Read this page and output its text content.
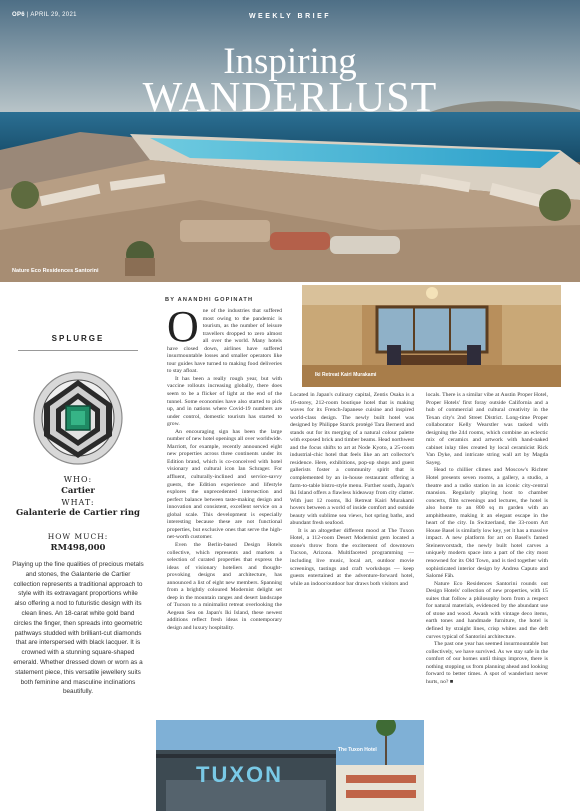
OP6 | APRIL 29, 2021	WEEKLY BRIEF
Inspiring
WANDERLUST
Nature Eco Residences Santorini
SPLURGE
WHO:
Cartier
WHAT:
Galanterie de Cartier ring
HOW MUCH:
RM498,000
Playing up the fine qualities of precious metals and stones, the Galanterie de Cartier collection represents a traditional approach to style with its extravagant proportions while also offering a nod to futuristic design with its clean lines. An 18-carat white gold band circles the finger, then spreads into geometric pathways studded with brilliant-cut diamonds that are interspersed with black lacquer. It is crowned with a stunning square-shaped emerald. Whether dressed down or worn as a statement piece, this versatile jewellery suits both feminine and masculine inclinations beautifully.
BY ANANDHI GOPINATH
O ne of the industries that suffered most owing to the pandemic is tourism, as the number of leisure travellers dropped to zero almost all over the world. Many hotels have closed down, airlines have suffered insurmountable losses and smaller operators like tour guides have turned to making food deliveries to stay afloat.

It has been a really rough year, but with vaccine rollouts increasing globally, there does seem to be a flicker of light at the end of the tunnel. Some economies have also started to pick up, and in nations where Covid-19 numbers are under control, domestic tourism has started to grow.

An encouraging sign has been the large number of new hotel openings all over worldwide. Marriott, for example, recently announced eight new properties across three continents under its Edition brand, which is co-conceived with hotel visionary and cultural icon Ian Schrager. For affluent, culturally-inclined and service-savvy guests, the Edition experience and lifestyle explores the unprecedented intersection and perfect balance between taste-making design and innovation and consistent, excellent service on a global scale. This development is especially interesting because these are not functional properties, but exclusive ones that serve the high-net-worth customer.

Even the Berlin-based Design Hotels collective, which represents and markets a selection of curated properties that express the ideas of visionary hoteliers and thought-provoking designs and architecture, has announced a list of eight new members. Spanning from a brightly coloured Modernist delight set deep in the mountain ranges and desert landscape of Tucson to a minimalist retreat overlooking the Aegean Sea on Japan's Iki Island, these newest additions reflect fresh ideas in contemporary design and luxury hospitality.

Iki Retreat Kairi Murakami

Located in Japan's culinary capital, Zentis Osaka is a 16-storey, 212-room boutique hotel that is making waves for its French-Japanese cuisine and inspired world-class design. The newly built hotel was designed by Philippe Starck protégé Tara Bernerd and stands out for its merging of a natural colour palette with exposed brick and timber beams. Head northwest and the focus shifts to art at Node Kyoto, a 25-room industrial-chic hotel that feels like an art collector's residence. Here, exhibitions, pop-up shops and guest gallerists foster a community spirit that is complemented by an in-house restaurant offering a farm-to-table bistro-style menu. Further south, Japan's Iki Island offers a flawless hideaway from city clatter. With just 12 rooms, Iki Retreat Kairi Murakami hovers between a world of inside comfort and outside beauty with sublime sea views, hot spring baths, and abundant fresh seafood.

It is an altogether different mood at The Tuxon Hotel, a 112-room Desert Modernist gem located a stone's throw from the excitement of downtown Tucson, Arizona. Multifaceted programming — including live music, local art, outdoor movie screenings, tastings and craft workshops — keep guests entertained at the adventure-forward hotel, while an indoor/outdoor bar draws both visitors and

locals. There is a similar vibe at Austin Proper Hotel, Proper Hotels' first foray outside California and a hub of commercial and cultural creativity in the Texan city's 2nd Street District. Long-time Proper collaborator Kelly Wearstler was tasked with designing the 244 rooms, which combine an eclectic mix of ceramics and artwork with hand-naked cabinet inlay tiles created by local ceramicist Rick Van Dyke, and intricate string wall art by Magda Sayeg.

Head to chillier climes and Moscow's Richter Hotel presents seven rooms, a gallery, a studio, a theatre and a radio station in an iconic city-central mansion. Regularly playing host to chamber concerts, film screenings and lectures, the hotel is also home to an 800 sq m garden with an amphitheatre, making it an elegant escape in the heart of the city. In Switzerland, the 33-room Art House Basel is similarly low key, yet it has a massive impact. A new platform for art on Basel's famed Steinenvorstadt, the newly built hotel carves a uniquely modern space into a part of the city most renowned for its Old Town, and is tied together with sophisticated interior design by Andrea Caputo and Salomé Fäh.

Nature Eco Residences Santorini rounds out Design Hotels' collection of new properties, with 15 suites that follow a philosophy born from a respect for natural materials, evidenced by the abundant use of stone and wood. Awash with vintage deco items, earth tones and handmade furniture, the hotel is defined by straight lines, crisp whites and the deft curves typical of Santorini architecture.

The past one year has seemed insurmountable but collectively, we have survived. As we stay safe in the comfort of our homes until things improve, there is nothing stopping us from planning ahead and looking forward to better times. A spot of wanderlust never hurts, no? ■

TUXON
The Tuxon Hotel
